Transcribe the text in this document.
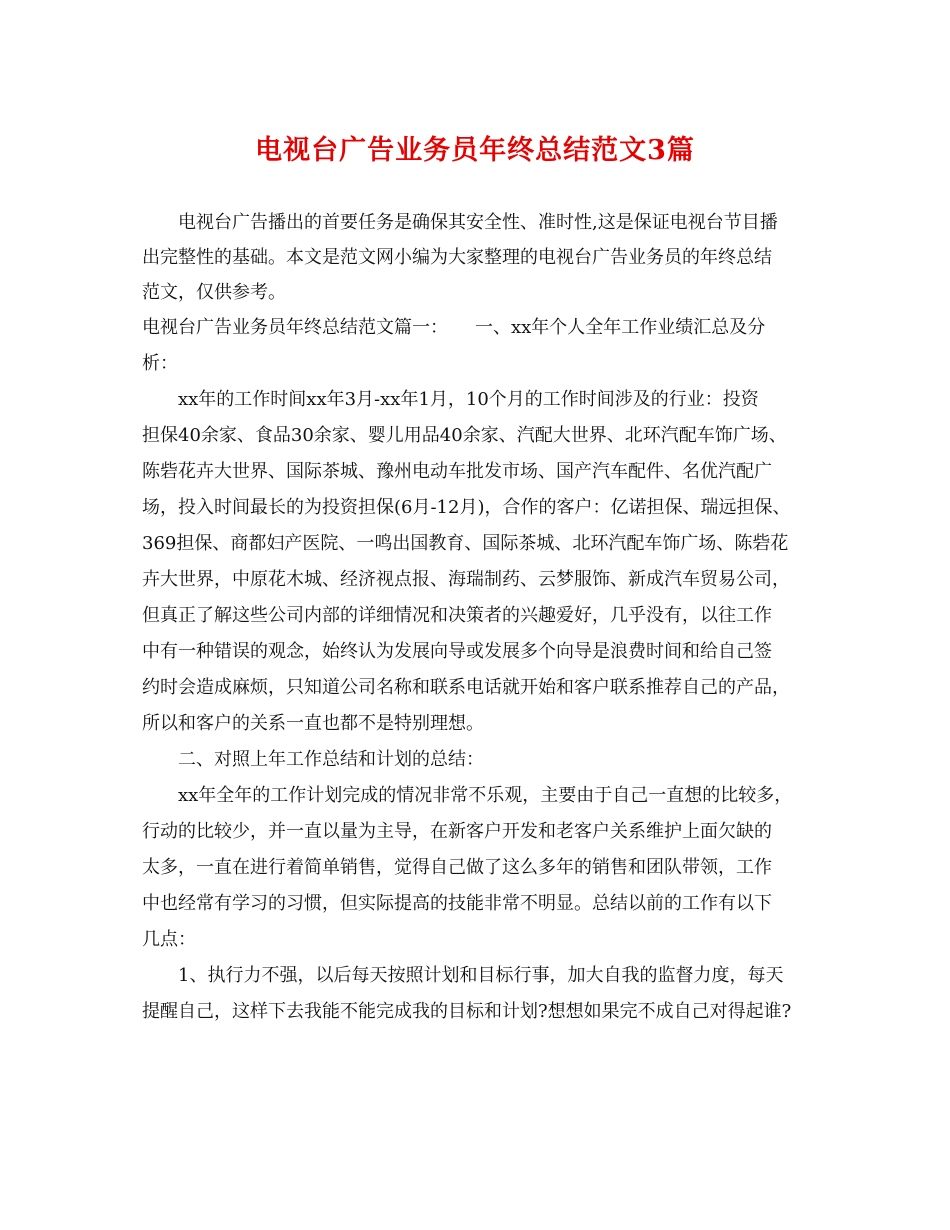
电视台广告业务员年终总结范文3篇
电视台广告播出的首要任务是确保其安全性、准时性,这是保证电视台节目播
出完整性的基础。本文是范文网小编为大家整理的电视台广告业务员的年终总结
范文，仅供参考。
电视台广告业务员年终总结范文篇一：　　一、xx年个人全年工作业绩汇总及分
析：
xx年的工作时间xx年3月-xx年1月，10个月的工作时间涉及的行业：投资
担保40余家、食品30余家、婴儿用品40余家、汽配大世界、北环汽配车饰广场、
陈砦花卉大世界、国际茶城、豫州电动车批发市场、国产汽车配件、名优汽配广
场，投入时间最长的为投资担保(6月-12月)，合作的客户：亿诺担保、瑞远担保、
369担保、商都妇产医院、一鸣出国教育、国际茶城、北环汽配车饰广场、陈砦花
卉大世界，中原花木城、经济视点报、海瑞制药、云梦服饰、新成汽车贸易公司，
但真正了解这些公司内部的详细情况和决策者的兴趣爱好，几乎没有，以往工作
中有一种错误的观念，始终认为发展向导或发展多个向导是浪费时间和给自己签
约时会造成麻烦，只知道公司名称和联系电话就开始和客户联系推荐自己的产品，
所以和客户的关系一直也都不是特别理想。
二、对照上年工作总结和计划的总结：
xx年全年的工作计划完成的情况非常不乐观，主要由于自己一直想的比较多，
行动的比较少，并一直以量为主导，在新客户开发和老客户关系维护上面欠缺的
太多，一直在进行着简单销售，觉得自己做了这么多年的销售和团队带领，工作
中也经常有学习的习惯，但实际提高的技能非常不明显。总结以前的工作有以下
几点：
1、执行力不强，以后每天按照计划和目标行事，加大自我的监督力度，每天
提醒自己，这样下去我能不能完成我的目标和计划?想想如果完不成自己对得起谁?
